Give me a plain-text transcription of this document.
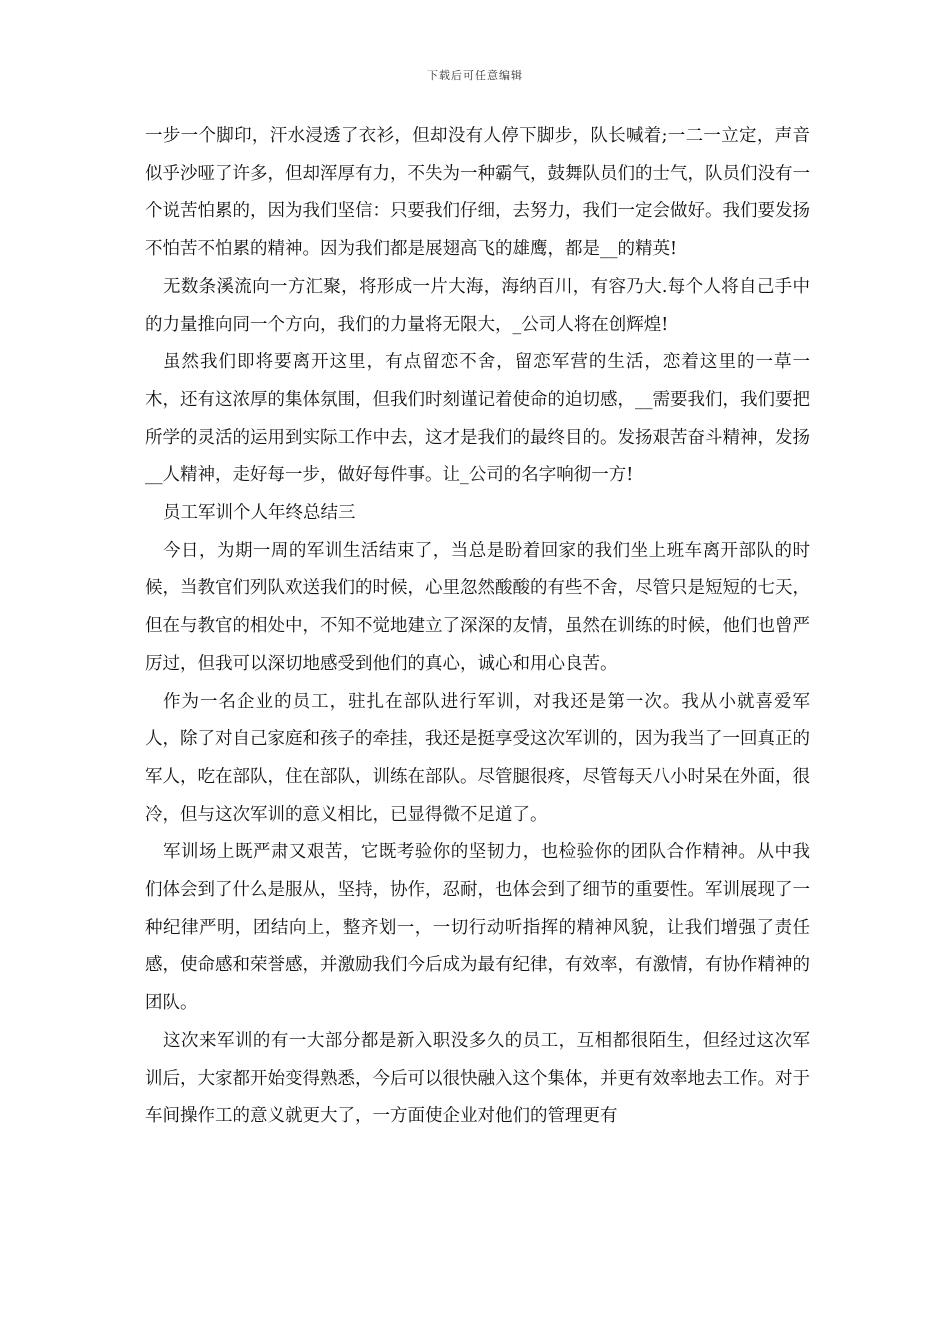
下载后可任意编辑

一步一个脚印，汗水浸透了衣衫，但却没有人停下脚步，队长喊着;一二一立定，声音似乎沙哑了许多，但却浑厚有力，不失为一种霸气，鼓舞队员们的士气，队员们没有一个说苦怕累的，因为我们坚信：只要我们仔细，去努力，我们一定会做好。我们要发扬不怕苦不怕累的精神。因为我们都是展翅高飞的雄鹰，都是__的精英!

无数条溪流向一方汇聚，将形成一片大海，海纳百川，有容乃大.每个人将自己手中的力量推向同一个方向，我们的力量将无限大，_公司人将在创辉煌!

虽然我们即将要离开这里，有点留恋不舍，留恋军营的生活，恋着这里的一草一木，还有这浓厚的集体氛围，但我们时刻谨记着使命的迫切感，__需要我们，我们要把所学的灵活的运用到实际工作中去，这才是我们的最终目的。发扬艰苦奋斗精神，发扬__人精神，走好每一步，做好每件事。让_公司的名字响彻一方!

员工军训个人年终总结三

今日，为期一周的军训生活结束了，当总是盼着回家的我们坐上班车离开部队的时候，当教官们列队欢送我们的时候，心里忽然酸酸的有些不舍，尽管只是短短的七天，但在与教官的相处中，不知不觉地建立了深深的友情，虽然在训练的时候，他们也曾严厉过，但我可以深切地感受到他们的真心，诚心和用心良苦。

作为一名企业的员工，驻扎在部队进行军训，对我还是第一次。我从小就喜爱军人，除了对自己家庭和孩子的牵挂，我还是挺享受这次军训的，因为我当了一回真正的军人，吃在部队，住在部队，训练在部队。尽管腿很疼，尽管每天八小时呆在外面，很冷，但与这次军训的意义相比，已显得微不足道了。

军训场上既严肃又艰苦，它既考验你的坚韧力，也检验你的团队合作精神。从中我们体会到了什么是服从，坚持，协作，忍耐，也体会到了细节的重要性。军训展现了一种纪律严明，团结向上，整齐划一，一切行动听指挥的精神风貌，让我们增强了责任感，使命感和荣誉感，并激励我们今后成为最有纪律，有效率，有激情，有协作精神的团队。

这次来军训的有一大部分都是新入职没多久的员工，互相都很陌生，但经过这次军训后，大家都开始变得熟悉，今后可以很快融入这个集体，并更有效率地去工作。对于车间操作工的意义就更大了，一方面使企业对他们的管理更有
